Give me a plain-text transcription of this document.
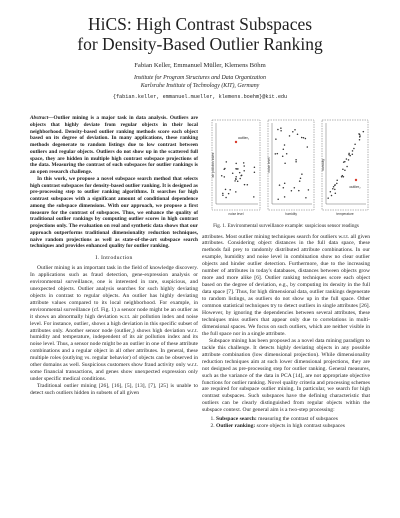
HiCS: High Contrast Subspaces
for Density-Based Outlier Ranking
Fabian Keller, Emmanuel Müller, Klemens Böhm
Institute for Program Structures and Data Organization
Karlsruhe Institute of Technology (KIT), Germany
{fabian.keller, emmanuel.mueller, klemens.boehm}@kit.edu

Abstract—Outlier mining is a major task in data analysis. Outliers are objects that highly deviate from regular objects in their local neighborhood. Density-based outlier ranking methods score each object based on its degree of deviation. In many applications, these ranking methods degenerate to random listings due to low contrast between outliers and regular objects. Outliers do not show up in the scattered full space, they are hidden in multiple high contrast subspace projections of the data. Measuring the contrast of such subspaces for outlier rankings is an open research challenge.

In this work, we propose a novel subspace search method that selects high contrast subspaces for density-based outlier ranking. It is designed as pre-processing step to outlier ranking algorithms. It searches for high contrast subspaces with a significant amount of conditional dependence among the subspace dimensions. With our approach, we propose a first measure for the contrast of subspaces. Thus, we enhance the quality of traditional outlier rankings by computing outlier scores in high contrast projections only. The evaluation on real and synthetic data shows that our approach outperforms traditional dimensionality reduction techniques, naive random projections as well as state-of-the-art subspace search techniques and provides enhanced quality for outlier ranking.

I. Introduction

Outlier mining is an important task in the field of knowledge discovery. In applications such as fraud detection, gene-expression analysis or environmental surveillance, one is interested in rare, suspicious, and unexpected objects. Outlier analysis searches for such highly deviating objects in contrast to regular objects. An outlier has highly deviating attribute values compared to its local neighborhood. For example, in environmental surveillance (cf. Fig. 1) a sensor node might be an outlier as it shows an abnormally high deviation w.r.t. air pollution index and noise level. For instance, outlier₁ shows a high deviation in this specific subset of attributes only. Another sensor node (outlier₂) shows high deviation w.r.t. humidity and temperature, independent of its air pollution index and its noise level. Thus, a sensor node might be an outlier in one of these attribute combinations and a regular object in all other attributes. In general, these multiple roles (outlying vs. regular behavior) of objects can be observed in other domains as well. Suspicious customers show fraud activity only w.r.t. some financial transactions, and genes show unexpected expression only under specific medical conditions.

Traditional outlier mining [26], [16], [5], [13], [7], [25] is unable to detect such outliers hidden in subsets of all given

noise level
air pollution index
outlier₁
humidity
noise level
temperature
humidity
outlier₂
Fig. 1. Environmental surveillance example: suspicious sensor readings

attributes. Most outlier mining techniques search for outliers w.r.t. all given attributes. Considering object distances in the full data space, these methods fail prey to randomly distributed attribute combinations. In our example, humidity and noise level in combination show no clear outlier objects and hinder outlier detection. Furthermore, due to the increasing number of attributes in today's databases, distances between objects grow more and more alike [6]. Outlier ranking techniques score each object based on the degree of deviation, e.g., by computing its density in the full data space [7]. Thus, for high dimensional data, outlier rankings degenerate to random listings, as outliers do not show up in the full space. Other common statistical techniques try to detect outliers in single attributes [26]. However, by ignoring the dependencies between several attributes, these techniques miss outliers that appear only due to correlations in multi-dimensional spaces. We focus on such outliers, which are neither visible in the full space nor in a single attribute.

Subspace mining has been proposed as a novel data mining paradigm to tackle this challenge. It detects highly deviating objects in any possible attribute combination (low dimensional projection). While dimensionality reduction techniques aim at such lower dimensional projections, they are not designed as pre-processing step for outlier ranking. General measures, such as the variance of the data in PCA [14], are not appropriate objective functions for outlier ranking. Novel quality criteria and processing schemes are required for subspace outlier mining. In particular, we search for high contrast subspaces. Such subspaces have the defining characteristic that outliers can be clearly distinguished from regular objects within the subspace context. Our general aim is a two-step processing:

1. Subspace search: measuring the contrast of subspaces
2. Outlier ranking: score objects in high contrast subspaces
